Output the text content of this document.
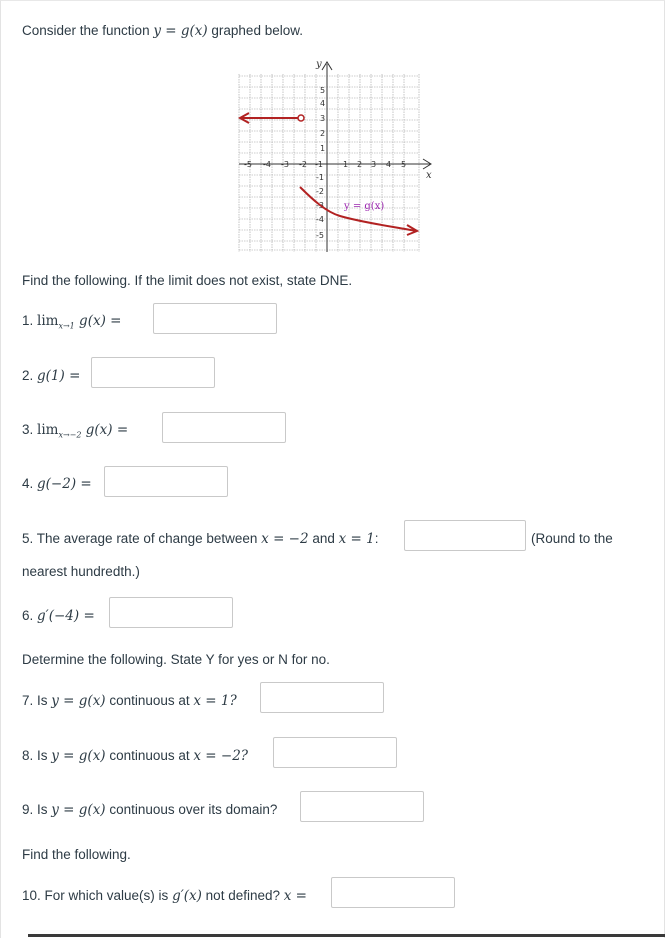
Consider the function y = g(x) graphed below.
y
x
-5 -4 -3 -2 -1	1 2 3 4 5
5
4
3
2
1
-1
-2
-3
-4
-5
y = g(x)
Find the following. If the limit does not exist, state DNE.
1. $\lim_{x\to 1} g(x)$ =
2. g(1) =
3. $\lim_{x\to-2} g(x)$ =
4. g(−2) =
5. The average rate of change between x = −2 and x = 1:	(Round to the
nearest hundredth.)
6. g′(−4) =
Determine the following. State Y for yes or N for no.
7. Is y = g(x) continuous at x = 1?
8. Is y = g(x) continuous at x = −2?
9. Is y = g(x) continuous over its domain?
Find the following.
10. For which value(s) is g′(x) not defined? x =
